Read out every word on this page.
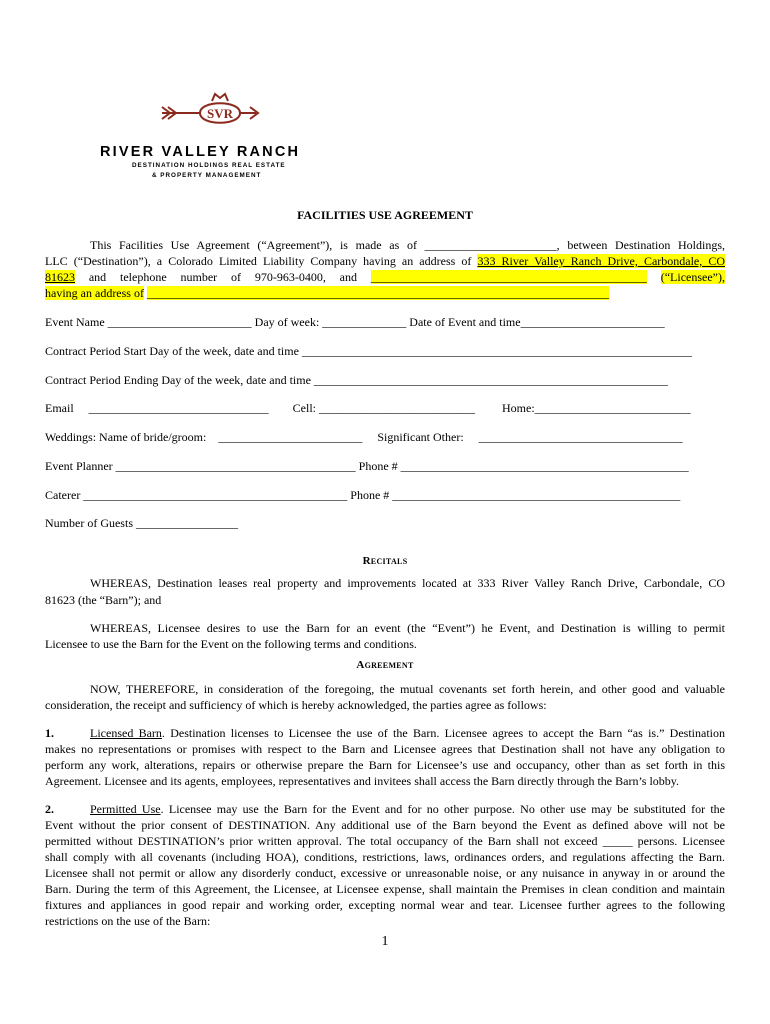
SVR
RIVER VALLEY RANCH
DESTINATION HOLDINGS REAL ESTATE
& PROPERTY MANAGEMENT
FACILITIES USE AGREEMENT
This Facilities Use Agreement (“Agreement”), is made as of ______________________, between Destination Holdings,
LLC (“Destination”), a Colorado Limited Liability Company having an address of 333 River Valley Ranch Drive, Carbondale, CO
81623 and telephone number of 970-963-0400, and ______________________________________________ (“Licensee”),
having an address of _____________________________________________________________________________
Event Name ________________________ Day of week: ______________ Date of Event and time________________________
Contract Period Start Day of the week, date and time _________________________________________________________________
Contract Period Ending Day of the week, date and time ___________________________________________________________
Email ______________________________ Cell: __________________________ Home:__________________________
Weddings: Name of bride/groom: ________________________ Significant Other: __________________________________
Event Planner ________________________________________ Phone # ________________________________________________
Caterer ____________________________________________ Phone # ________________________________________________
Number of Guests _________________
Recitals
WHEREAS, Destination leases real property and improvements located at 333 River Valley Ranch Drive, Carbondale, CO
81623 (the “Barn”); and
WHEREAS, Licensee desires to use the Barn for an event (the “Event”) he Event, and Destination is willing to permit
Licensee to use the Barn for the Event on the following terms and conditions.
Agreement
NOW, THEREFORE, in consideration of the foregoing, the mutual covenants set forth herein, and other good and valuable
consideration, the receipt and sufficiency of which is hereby acknowledged, the parties agree as follows:
1.	Licensed Barn. Destination licenses to Licensee the use of the Barn. Licensee agrees to accept the Barn “as is.” Destination
makes no representations or promises with respect to the Barn and Licensee agrees that Destination shall not have any obligation to
perform any work, alterations, repairs or otherwise prepare the Barn for Licensee’s use and occupancy, other than as set forth in this
Agreement. Licensee and its agents, employees, representatives and invitees shall access the Barn directly through the Barn’s lobby.
2.	Permitted Use. Licensee may use the Barn for the Event and for no other purpose. No other use may be substituted for the
Event without the prior consent of DESTINATION. Any additional use of the Barn beyond the Event as defined above will not be
permitted without DESTINATION’s prior written approval. The total occupancy of the Barn shall not exceed _____ persons. Licensee
shall comply with all covenants (including HOA), conditions, restrictions, laws, ordinances orders, and regulations affecting the Barn.
Licensee shall not permit or allow any disorderly conduct, excessive or unreasonable noise, or any nuisance in anyway in or around the
Barn. During the term of this Agreement, the Licensee, at Licensee expense, shall maintain the Premises in clean condition and maintain
fixtures and appliances in good repair and working order, excepting normal wear and tear. Licensee further agrees to the following
restrictions on the use of the Barn:
1
